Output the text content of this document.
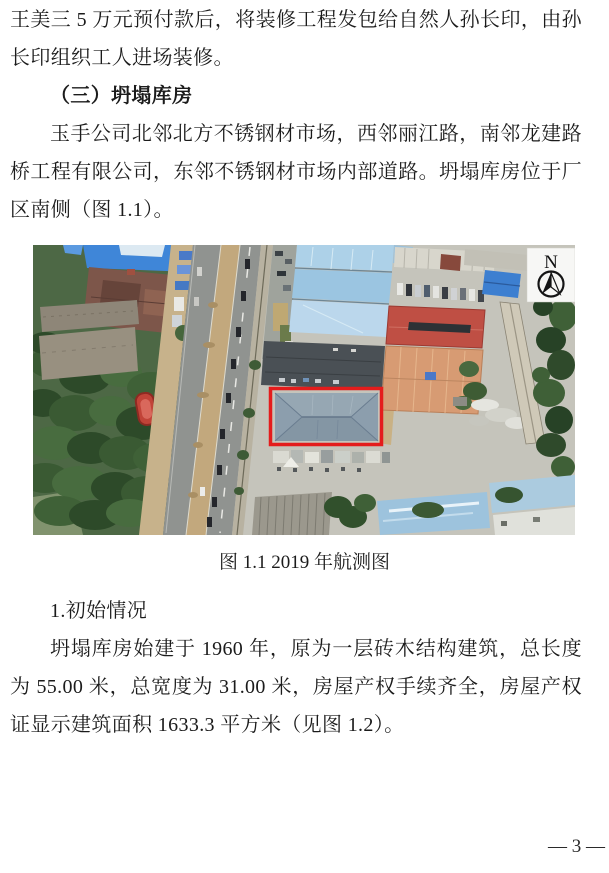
王美三 5 万元预付款后，将装修工程发包给自然人孙长印，由孙长印组织工人进场装修。

（三）坍塌库房

玉手公司北邻北方不锈钢材市场，西邻丽江路，南邻龙建路桥工程有限公司，东邻不锈钢材市场内部道路。坍塌库房位于厂区南侧（图 1.1）。

N

图 1.1 2019 年航测图

1.初始情况

坍塌库房始建于 1960 年，原为一层砖木结构建筑，总长度为 55.00 米，总宽度为 31.00 米，房屋产权手续齐全，房屋产权证显示建筑面积 1633.3 平方米（见图 1.2）。

— 3 —
